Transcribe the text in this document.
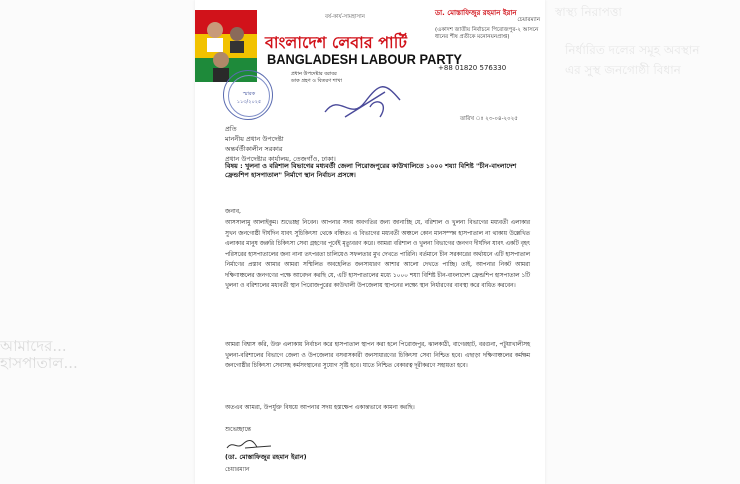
আমাদের...
হাসপাতাল...
স্বাস্থ্য নিরাপত্তা
নির্ধারিত দলের সমূহ অবস্থান
এর সুস্থ জনগোষ্ঠী বিধান
বর্ষ-কার্য-সামহাসান
বাংলাদেশ লেবার পার্টি
BANGLADESH LABOUR PARTY
ডা. মোস্তাফিজুর রহমান ইরান
চেয়ারম্যান
(একাদশ জাতীয় নির্বাচনে পিরোজপুর-২ আসনে ধানের শীষ প্রতীকে মনোনয়নপ্রাপ্ত)
+88 01820 576330
স্মারক ১১৩/২০২৫
প্রধান উপদেষ্টার বরাবর
ডাক গ্রহণ ও বিতরণ শাখা
তারিখ ঃ ২৩-০৪-২০২৫
প্রতি
মাননীয় প্রধান উপদেষ্টা
অন্তর্বর্তীকালীন সরকার
প্রধান উপদেষ্টার কার্যালয়, তেজগাঁও, ঢাকা।
বিষয় : খুলনা ও বরিশাল বিভাগের মধ্যবর্তী জেলা পিরোজপুরের কাউখালিতে ১০০০ শয্যা বিশিষ্ট "চীন-বাংলাদেশ ফ্রেন্ডশিপ হাসপাতাল" নির্মাণে স্থান নির্বাচন প্রসঙ্গে।
জনাব,
আসসালামু আলাইকুম। শুভেচ্ছা নিবেন। আপনার সদয় অবগতির জন্য জানাচ্ছি যে, বরিশাল ও খুলনা বিভাগের মধ্যবর্তী এলাকার সুখন জনগোষ্ঠী দীর্ঘদিন যাবৎ সুচিকিৎসা থেকে বঞ্চিত। এ বিভাগের মধ্যবর্তী অঞ্চলে কোন মানসম্পন্ন হাসপাতাল না থাকায় উল্লেখিত এলাকার মানুষ জরুরি চিকিৎসা সেবা গ্রহণের পূর্বেই মৃত্যুবরণ করে। আমরা বরিশাল ও খুলনা বিভাগের জনগণ দীর্ঘদিন যাবৎ একটি বৃহৎ পরিসরের হাসপাতালের জন্য নানা তৎপরতা চালিয়েও সফলতার মুখ দেখতে পারিনি। বর্তমানে চীন সরকারের অর্থায়নে এটি হাসপাতাল নির্মাণের প্রস্তাব আমার আমরা সম্মিলিত অবহেলিত জনসাধারণ আশার আলো দেখতে পাচ্ছি। তাই, আপনার নিকট আমরা দক্ষিণাঞ্চলের জনগণের পক্ষে আবেদন করছি যে, এটি হাসপাতালের মধ্যে ১০০০ শয্যা বিশিষ্ট চীন-বাংলাদেশ ফ্রেন্ডশিপ হাসপাতাল ১টি খুলনা ও বরিশালের মধ্যবর্তী স্থান পিরোজপুরের কাউখালী উপজেলায় স্থাপনের লক্ষ্যে স্থান নির্ধারণের ব্যবস্থা করে বাধিত করবেন।
আমরা বিশ্বাস করি, উক্ত এলাকায় নির্বাচন করে হাসপাতাল স্থাপন করা হলে পিরোজপুর, ঝালকাঠী, বাগেরহাট, বরগুনা, পটুয়াখালীসহ খুলনা-বরিশালের বিভাগে জেলা ও উপজেলার বসবাসকারী জনসাধারণের চিকিৎসা সেবা নিশ্চিত হবে। এছাড়া দক্ষিণাঞ্চলের কর্মক্ষম জনগোষ্ঠীর চিকিৎসা সেবাসহ কর্মসংস্থানের সুযোগ সৃষ্টি হবে। যাতে নিশ্চিত বেকারত্ব দূরীকরণে সহায়তা হবে।
অতএব আমরা, উপর্যুক্ত বিষয়ে আপনার সদয় হস্তক্ষেপ একান্তভাবে কামনা করছি।
শুভেচ্ছান্তে
(ডা. মোস্তাফিজুর রহমান ইরান)
চেয়ারম্যান
